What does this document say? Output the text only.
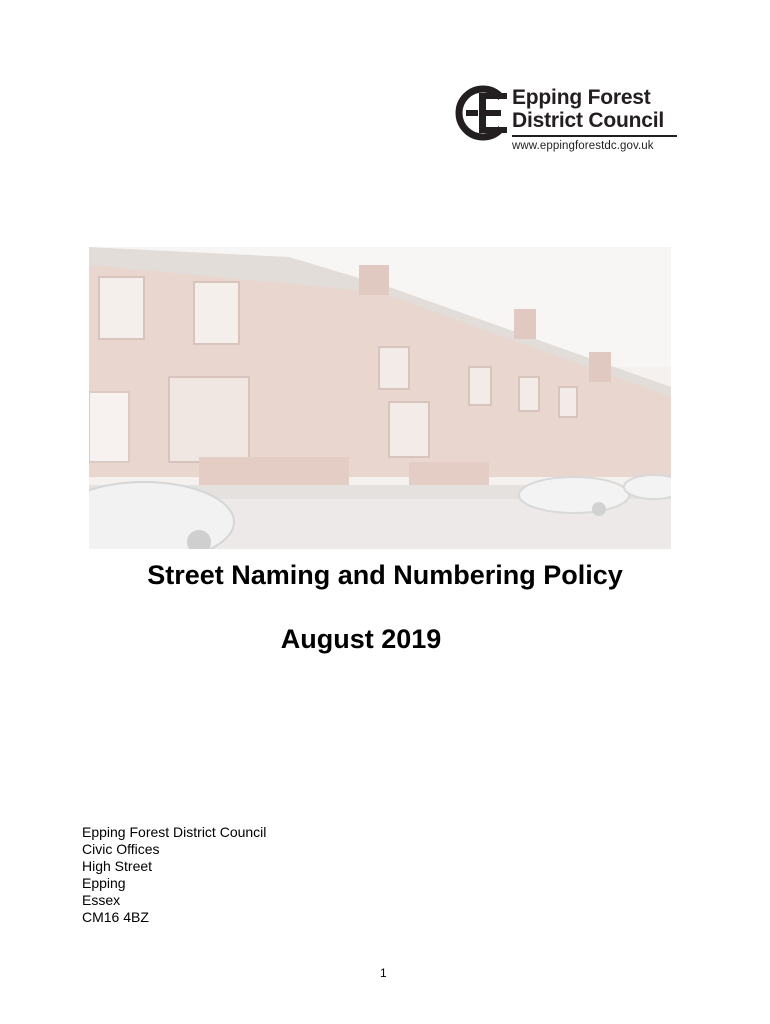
Epping Forest
District Council
www.eppingforestdc.gov.uk
Street Naming and Numbering Policy
August 2019
Epping Forest District Council
Civic Offices
High Street
Epping
Essex
CM16 4BZ
1
